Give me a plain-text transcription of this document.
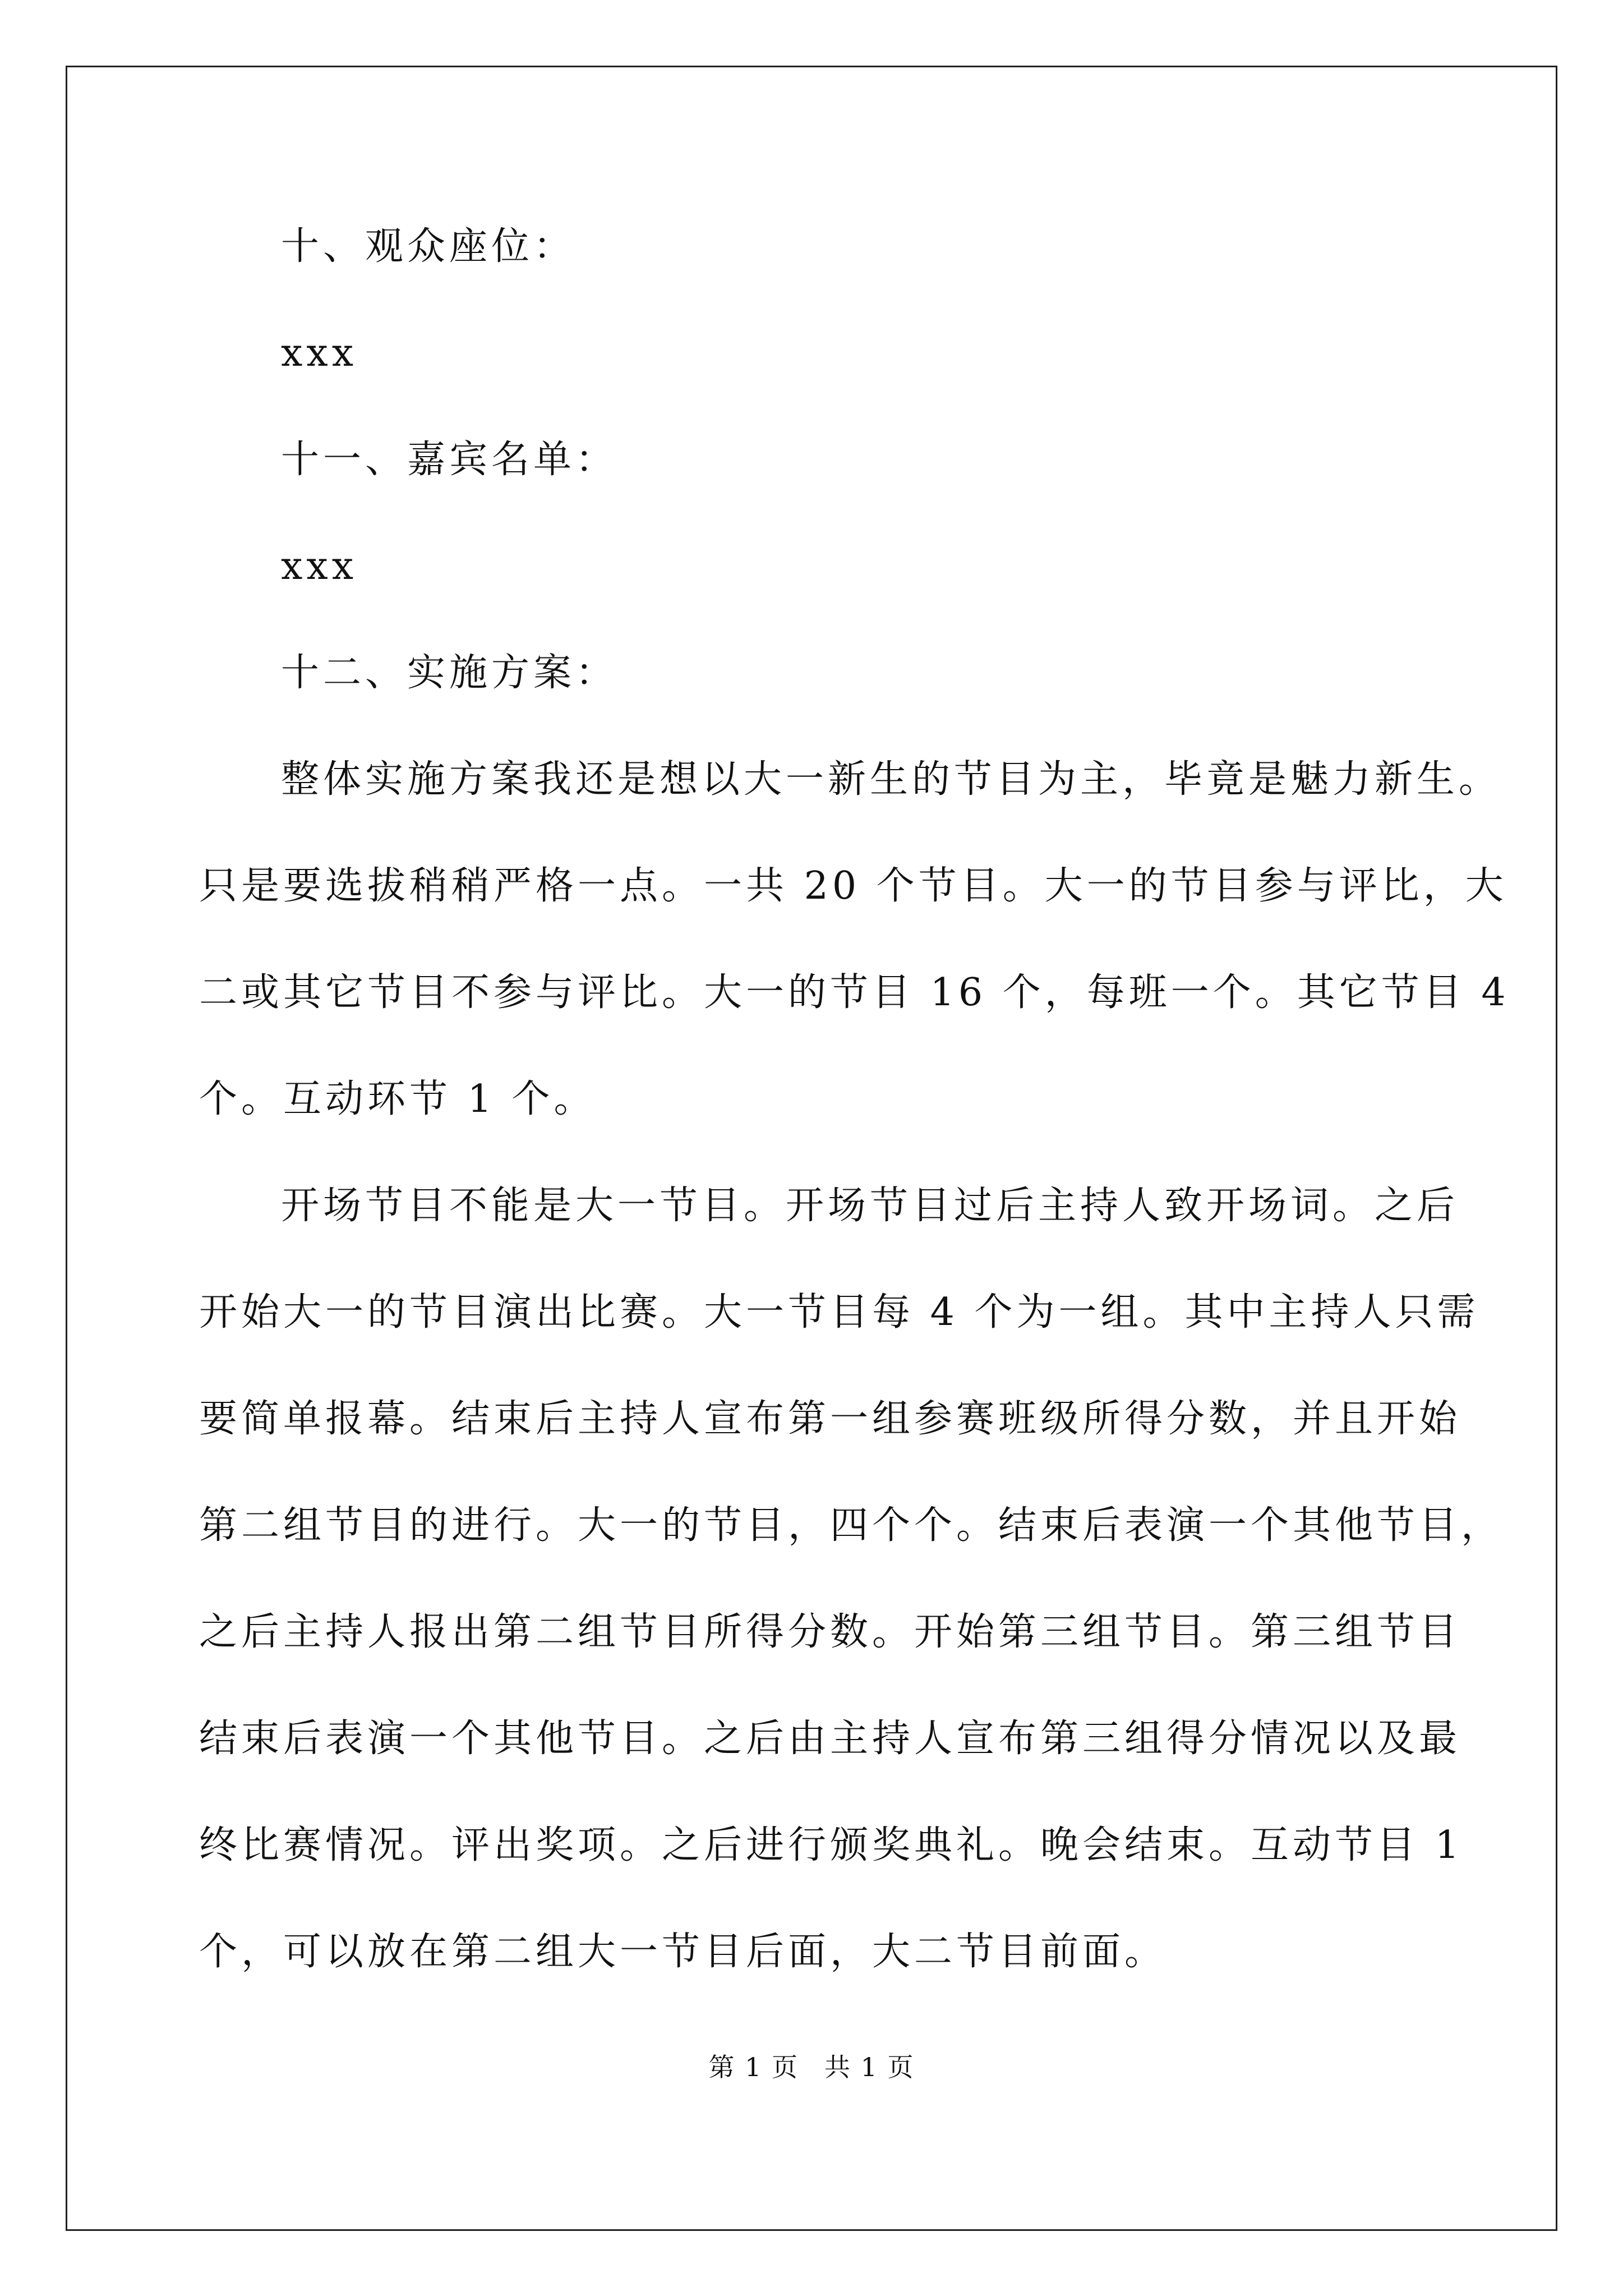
十、观众座位：
xxx
十一、嘉宾名单：
xxx
十二、实施方案：
整体实施方案我还是想以大一新生的节目为主，毕竟是魅力新生。
只是要选拔稍稍严格一点。一共 20 个节目。大一的节目参与评比，大
二或其它节目不参与评比。大一的节目 16 个，每班一个。其它节目 4
个。互动环节 1 个。
开场节目不能是大一节目。开场节目过后主持人致开场词。之后
开始大一的节目演出比赛。大一节目每 4 个为一组。其中主持人只需
要简单报幕。结束后主持人宣布第一组参赛班级所得分数，并且开始
第二组节目的进行。大一的节目，四个个。结束后表演一个其他节目，
之后主持人报出第二组节目所得分数。开始第三组节目。第三组节目
结束后表演一个其他节目。之后由主持人宣布第三组得分情况以及最
终比赛情况。评出奖项。之后进行颁奖典礼。晚会结束。互动节目 1
个，可以放在第二组大一节目后面，大二节目前面。
第 1 页 共 1 页
